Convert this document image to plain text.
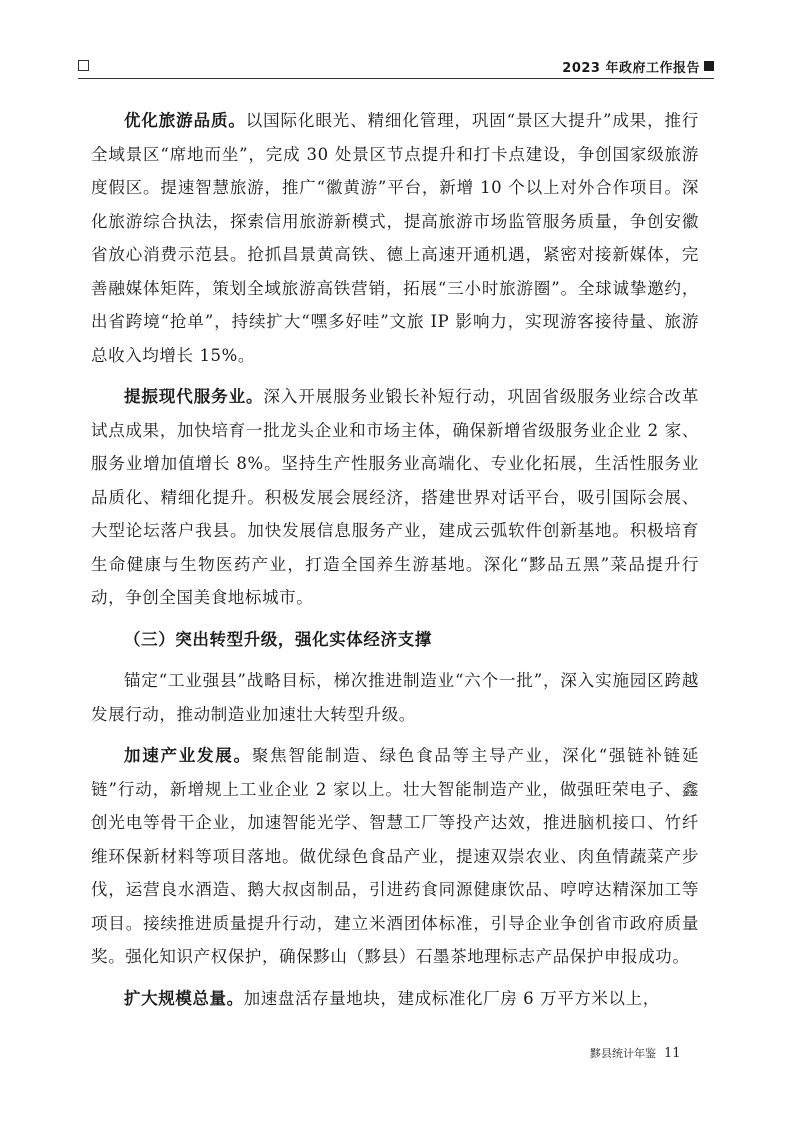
2023 年政府工作报告

优化旅游品质。以国际化眼光、精细化管理，巩固“景区大提升”成果，推行全域景区“席地而坐”，完成 30 处景区节点提升和打卡点建设，争创国家级旅游度假区。提速智慧旅游，推广“徽黄游”平台，新增 10 个以上对外合作项目。深化旅游综合执法，探索信用旅游新模式，提高旅游市场监管服务质量，争创安徽省放心消费示范县。抢抓昌景黄高铁、德上高速开通机遇，紧密对接新媒体，完善融媒体矩阵，策划全域旅游高铁营销，拓展“三小时旅游圈”。全球诚挚邀约，出省跨境“抢单”，持续扩大“嘿多好哇”文旅 IP 影响力，实现游客接待量、旅游总收入均增长 15%。

提振现代服务业。深入开展服务业锻长补短行动，巩固省级服务业综合改革试点成果，加快培育一批龙头企业和市场主体，确保新增省级服务业企业 2 家、服务业增加值增长 8%。坚持生产性服务业高端化、专业化拓展，生活性服务业品质化、精细化提升。积极发展会展经济，搭建世界对话平台，吸引国际会展、大型论坛落户我县。加快发展信息服务产业，建成云弧软件创新基地。积极培育生命健康与生物医药产业，打造全国养生游基地。深化“黟品五黑”菜品提升行动，争创全国美食地标城市。

（三）突出转型升级，强化实体经济支撑

锚定“工业强县”战略目标，梯次推进制造业“六个一批”，深入实施园区跨越发展行动，推动制造业加速壮大转型升级。

加速产业发展。聚焦智能制造、绿色食品等主导产业，深化“强链补链延链”行动，新增规上工业企业 2 家以上。壮大智能制造产业，做强旺荣电子、鑫创光电等骨干企业，加速智能光学、智慧工厂等投产达效，推进脑机接口、竹纤维环保新材料等项目落地。做优绿色食品产业，提速双崇农业、肉鱼情蔬菜产步伐，运营良水酒造、鹅大叔卤制品，引进药食同源健康饮品、哼哼达精深加工等项目。接续推进质量提升行动，建立米酒团体标准，引导企业争创省市政府质量奖。强化知识产权保护，确保黟山（黟县）石墨茶地理标志产品保护申报成功。

扩大规模总量。加速盘活存量地块，建成标准化厂房 6 万平方米以上，

黟县统计年鉴 11
